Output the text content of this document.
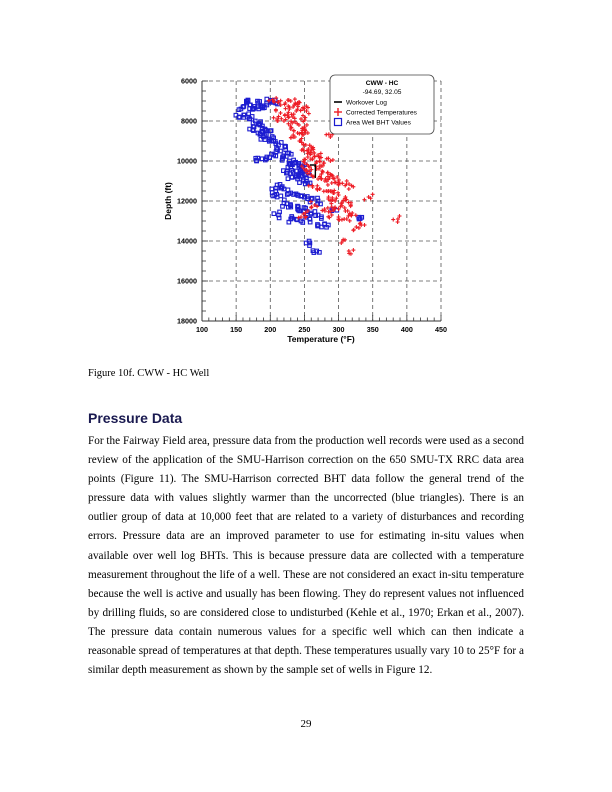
100	150	200	250	300	350	400	450
6000
8000
10000
12000
14000
16000
18000
Temperature (°F)
Depth (ft)
CWW - HC
-94.69, 32.05
Workover Log
Corrected Temperatures
Area Well BHT Values
Figure 10f. CWW - HC Well
Pressure Data

For the Fairway Field area, pressure data from the production well records were used as a second review of the application of the SMU-Harrison correction on the 650 SMU-TX RRC data area points (Figure 11). The SMU-Harrison corrected BHT data follow the general trend of the pressure data with values slightly warmer than the uncorrected (blue triangles). There is an outlier group of data at 10,000 feet that are related to a variety of disturbances and recording errors. Pressure data are an improved parameter to use for estimating in-situ values when available over well log BHTs. This is because pressure data are collected with a temperature measurement throughout the life of a well. These are not considered an exact in-situ temperature because the well is active and usually has been flowing. They do represent values not influenced by drilling fluids, so are considered close to undisturbed (Kehle et al., 1970; Erkan et al., 2007). The pressure data contain numerous values for a specific well which can then indicate a reasonable spread of temperatures at that depth. These temperatures usually vary 10 to 25°F for a similar depth measurement as shown by the sample set of wells in Figure 12.

29
